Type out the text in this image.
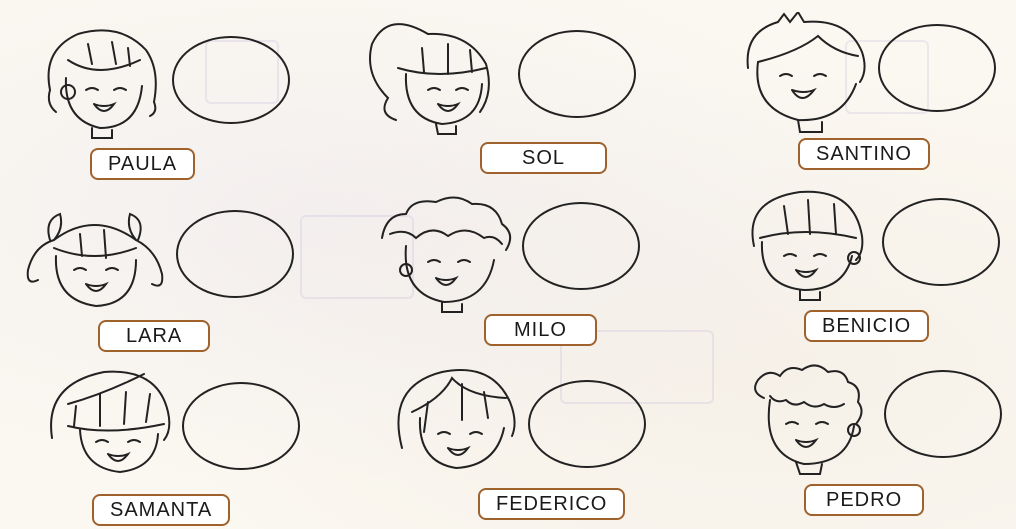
PAULA	SOL	SANTINO
LARA	MILO	BENICIO
SAMANTA	FEDERICO	PEDRO
